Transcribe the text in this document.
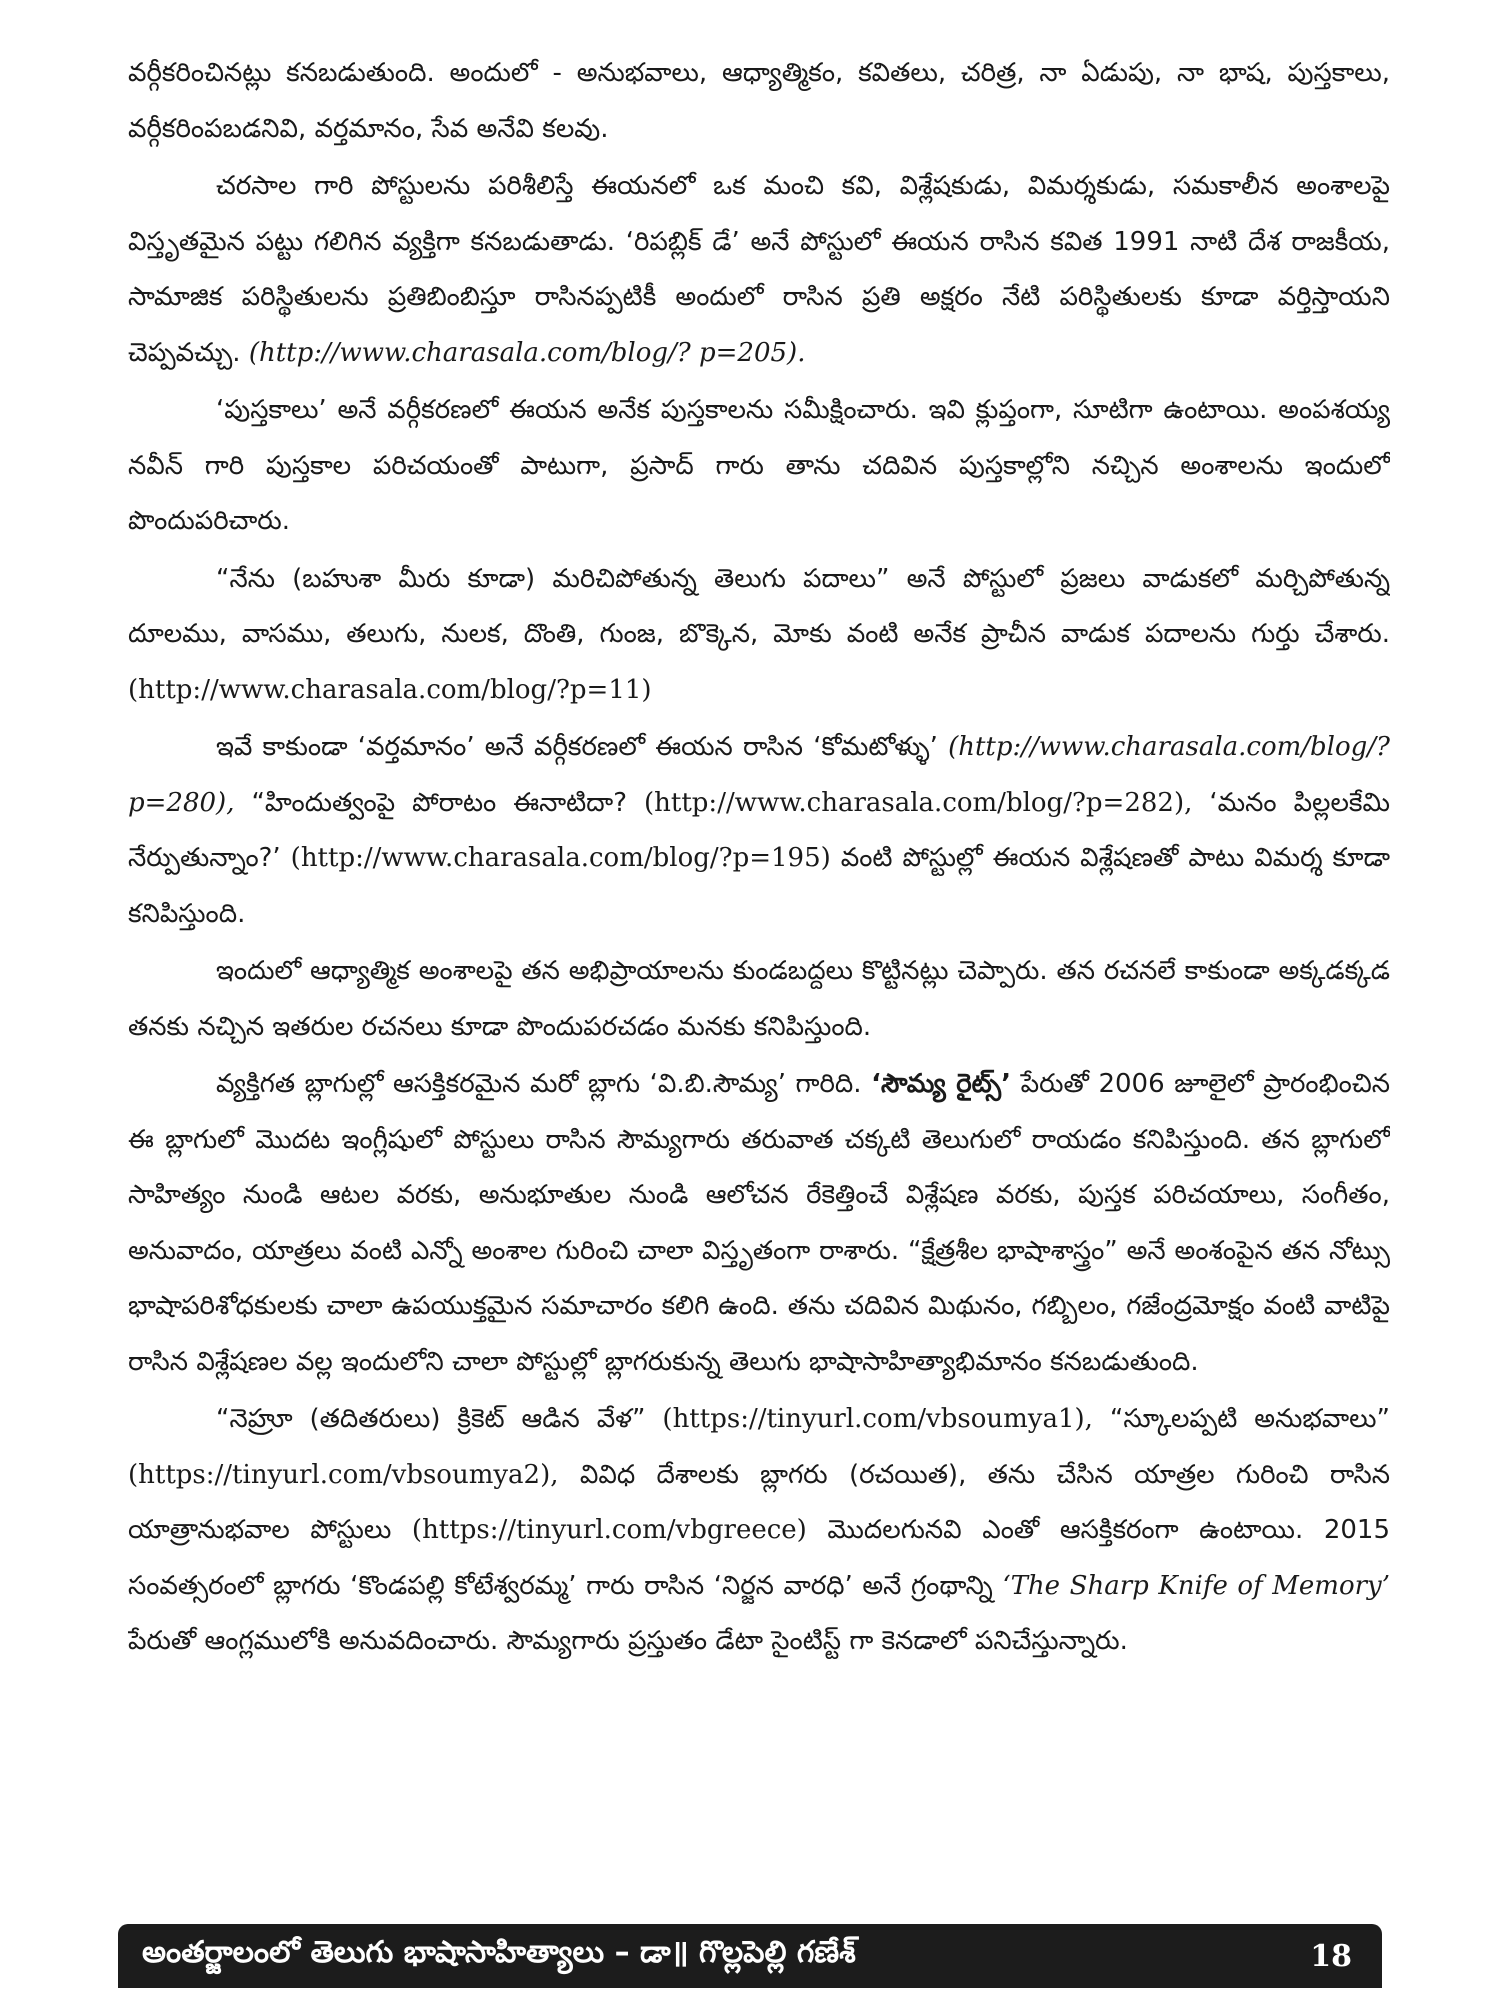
వర్గీకరించినట్లు కనబడుతుంది. అందులో - అనుభవాలు, ఆధ్యాత్మికం, కవితలు, చరిత్ర, నా ఏడుపు, నా భాష, పుస్తకాలు, వర్గీకరింపబడనివి, వర్తమానం, సేవ అనేవి కలవు.

చరసాల గారి పోస్టులను పరిశీలిస్తే ఈయనలో ఒక మంచి కవి, విశ్లేషకుడు, విమర్శకుడు, సమకాలీన అంశాలపై విస్తృతమైన పట్టు గలిగిన వ్యక్తిగా కనబడుతాడు. ‘రిపబ్లిక్ డే’ అనే పోస్టులో ఈయన రాసిన కవిత 1991 నాటి దేశ రాజకీయ, సామాజిక పరిస్థితులను ప్రతిబింబిస్తూ రాసినప్పటికీ అందులో రాసిన ప్రతి అక్షరం నేటి పరిస్థితులకు కూడా వర్తిస్తాయని చెప్పవచ్చు. (http://www.charasala.com/blog/? p=205).

‘పుస్తకాలు’ అనే వర్గీకరణలో ఈయన అనేక పుస్తకాలను సమీక్షించారు. ఇవి క్లుప్తంగా, సూటిగా ఉంటాయి. అంపశయ్య నవీన్ గారి పుస్తకాల పరిచయంతో పాటుగా, ప్రసాద్ గారు తాను చదివిన పుస్తకాల్లోని నచ్చిన అంశాలను ఇందులో పొందుపరిచారు.

“నేను (బహుశా మీరు కూడా) మరిచిపోతున్న తెలుగు పదాలు” అనే పోస్టులో ప్రజలు వాడుకలో మర్చిపోతున్న దూలము, వాసము, తలుగు, నులక, దొంతి, గుంజ, బొక్కెన, మోకు వంటి అనేక ప్రాచీన వాడుక పదాలను గుర్తు చేశారు. (http://www.charasala.com/blog/?p=11)

ఇవే కాకుండా ‘వర్తమానం’ అనే వర్గీకరణలో ఈయన రాసిన ‘కోమటోళ్ళు’ (http://www.charasala.com/blog/?p=280), “హిందుత్వంపై పోరాటం ఈనాటిదా? (http://www.charasala.com/blog/?p=282), ‘మనం పిల్లలకేమి నేర్పుతున్నాం?’ (http://www.charasala.com/blog/?p=195) వంటి పోస్టుల్లో ఈయన విశ్లేషణతో పాటు విమర్శ కూడా కనిపిస్తుంది.

ఇందులో ఆధ్యాత్మిక అంశాలపై తన అభిప్రాయాలను కుండబద్దలు కొట్టినట్లు చెప్పారు. తన రచనలే కాకుండా అక్కడక్కడ తనకు నచ్చిన ఇతరుల రచనలు కూడా పొందుపరచడం మనకు కనిపిస్తుంది.

వ్యక్తిగత బ్లాగుల్లో ఆసక్తికరమైన మరో బ్లాగు ‘వి.బి.సౌమ్య’ గారిది. ‘సౌమ్య రైట్స్’ పేరుతో 2006 జూలైలో ప్రారంభించిన ఈ బ్లాగులో మొదట ఇంగ్లీషులో పోస్టులు రాసిన సౌమ్యగారు తరువాత చక్కటి తెలుగులో రాయడం కనిపిస్తుంది. తన బ్లాగులో సాహిత్యం నుండి ఆటల వరకు, అనుభూతుల నుండి ఆలోచన రేకెత్తించే విశ్లేషణ వరకు, పుస్తక పరిచయాలు, సంగీతం, అనువాదం, యాత్రలు వంటి ఎన్నో అంశాల గురించి చాలా విస్తృతంగా రాశారు. “క్షేత్రశీల భాషాశాస్త్రం” అనే అంశంపైన తన నోట్సు భాషాపరిశోధకులకు చాలా ఉపయుక్తమైన సమాచారం కలిగి ఉంది. తను చదివిన మిథునం, గబ్బిలం, గజేంద్రమోక్షం వంటి వాటిపై రాసిన విశ్లేషణల వల్ల ఇందులోని చాలా పోస్టుల్లో బ్లాగరుకున్న తెలుగు భాషాసాహిత్యాభిమానం కనబడుతుంది.

“నెహ్రూ (తదితరులు) క్రికెట్ ఆడిన వేళ” (https://tinyurl.com/vbsoumya1), “స్కూలప్పటి అనుభవాలు” (https://tinyurl.com/vbsoumya2), వివిధ దేశాలకు బ్లాగరు (రచయిత), తను చేసిన యాత్రల గురించి రాసిన యాత్రానుభవాల పోస్టులు (https://tinyurl.com/vbgreece) మొదలగునవి ఎంతో ఆసక్తికరంగా ఉంటాయి. 2015 సంవత్సరంలో బ్లాగరు ‘కొండపల్లి కోటేశ్వరమ్మ’ గారు రాసిన ‘నిర్జన వారధి’ అనే గ్రంథాన్ని ‘The Sharp Knife of Memory’ పేరుతో ఆంగ్లములోకి అనువదించారు. సౌమ్యగారు ప్రస్తుతం డేటా సైంటిస్ట్ గా కెనడాలో పనిచేస్తున్నారు.

అంతర్జాలంలో తెలుగు భాషాసాహిత్యాలు – డా॥ గొల్లపెల్లి గణేశ్	18
